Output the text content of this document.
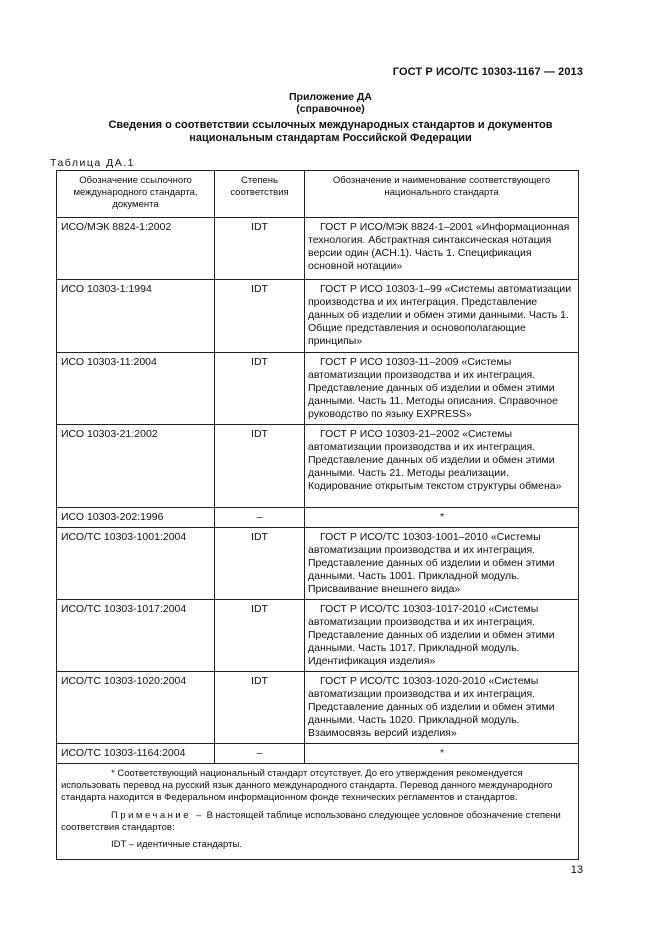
ГОСТ Р ИСО/ТС 10303-1167 — 2013
Приложение ДА
(справочное)
Сведения о соответствии ссылочных международных стандартов и документов
национальным стандартам Российской Федерации
Таблица ДА.1
Обозначение ссылочного международного стандарта, документа	Степень соответствия	Обозначение и наименование соответствующего национального стандарта
ИСО/МЭК 8824-1:2002	IDT	ГОСТ Р ИСО/МЭК 8824-1–2001 «Информационная технология. Абстрактная синтаксическая нотация версии один (АСН.1). Часть 1. Спецификация основной нотации»

ИСО 10303-1:1994	IDT	ГОСТ Р ИСО 10303-1–99 «Системы автоматизации производства и их интеграция. Представление данных об изделии и обмен этими данными. Часть 1. Общие представления и основополагающие принципы»

ИСО 10303-11:2004	IDT	ГОСТ Р ИСО 10303-11–2009 «Системы автоматизации производства и их интеграция. Представление данных об изделии и обмен этими данными. Часть 11. Методы описания. Справочное руководство по языку EXPRESS»

ИСО 10303-21:2002	IDT	ГОСТ Р ИСО 10303-21–2002 «Системы автоматизации производства и их интеграция. Представление данных об изделии и обмен этими данными. Часть 21. Методы реализации. Кодирование открытым текстом структуры обмена»

ИСО 10303-202:1996	–	*
ИСО/ТС 10303-1001:2004	IDT	ГОСТ Р ИСО/ТС 10303-1001–2010 «Системы автоматизации производства и их интеграция. Представление данных об изделии и обмен этими данными. Часть 1001. Прикладной модуль. Присваивание внешнего вида»

ИСО/ТС 10303-1017:2004	IDT	ГОСТ Р ИСО/ТС 10303-1017-2010 «Системы автоматизации производства и их интеграция. Представление данных об изделии и обмен этими данными. Часть 1017. Прикладной модуль. Идентификация изделия»

ИСО/ТС 10303-1020:2004	IDT	ГОСТ Р ИСО/ТС 10303-1020-2010 «Системы автоматизации производства и их интеграция. Представление данных об изделии и обмен этими данными. Часть 1020. Прикладной модуль. Взаимосвязь версий изделия»

ИСО/ТС 10303-1164:2004	–	*

* Соответствующий национальный стандарт отсутствует. До его утверждения рекомендуется использовать перевод на русский язык данного международного стандарта. Перевод данного международного стандарта находится в Федеральном информационном фонде технических регламентов и стандартов.

Примечание – В настоящей таблице использовано следующее условное обозначение степени соответствия стандартов:

IDT – идентичные стандарты.		
13
